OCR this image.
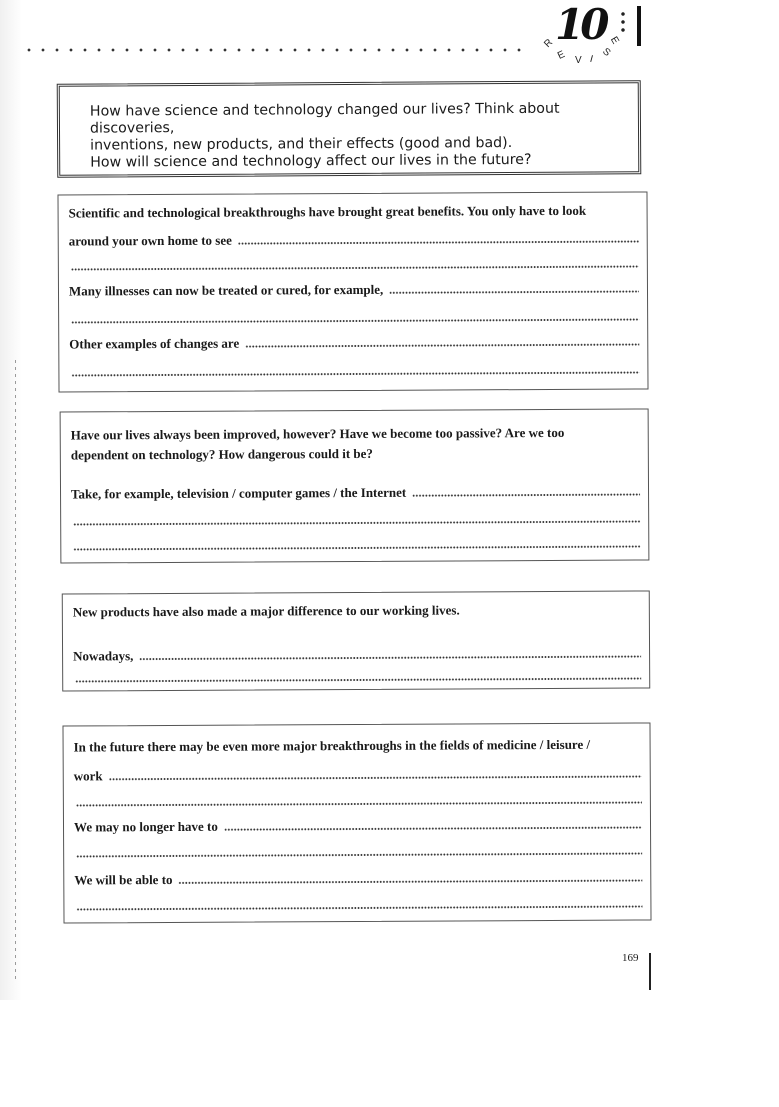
10
R
E V I
S
E
How have science and technology changed our lives? Think about discoveries,
inventions, new products, and their effects (good and bad).
How will science and technology affect our lives in the future?
Scientific and technological breakthroughs have brought great benefits. You only have to look
around your own home to see
Many illnesses can now be treated or cured, for example,
Other examples of changes are
Have our lives always been improved, however? Have we become too passive? Are we too
dependent on technology? How dangerous could it be?
Take, for example, television / computer games / the Internet
New products have also made a major difference to our working lives.
Nowadays,
In the future there may be even more major breakthroughs in the fields of medicine / leisure /
work
We may no longer have to
We will be able to
169
